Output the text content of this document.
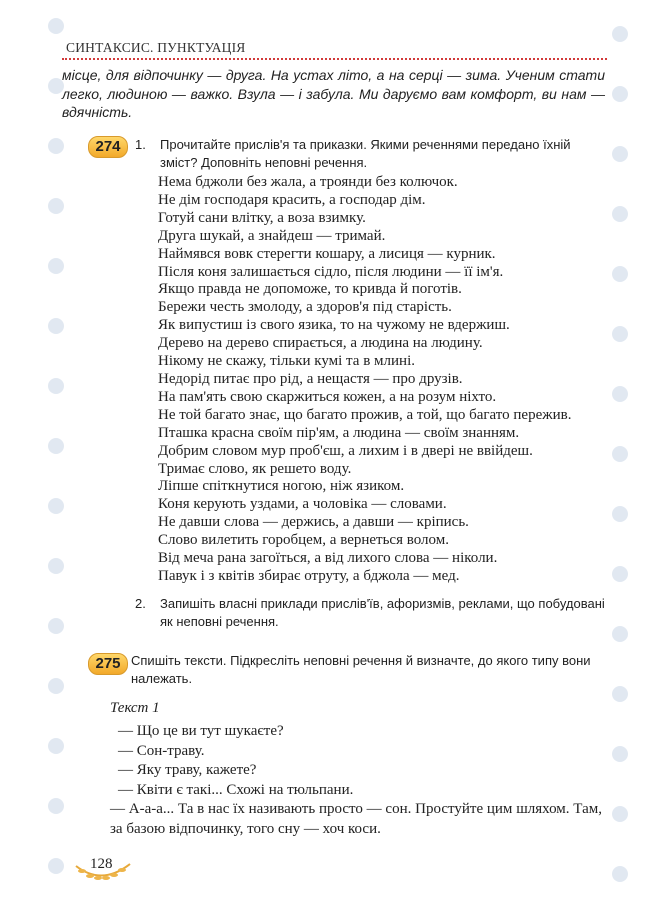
СИНТАКСИС. ПУНКТУАЦІЯ
місце, для відпочинку — друга. На устах літо, а на серці — зима. Ученим стати легко, людиною — важко. Взула — і забула. Ми даруємо вам комфорт, ви нам — вдячність.
274	1. Прочитайте прислів'я та приказки. Якими реченнями передано їхній зміст? Доповніть неповні речення.
Нема бджоли без жала, а троянди без колючок.
Не дім господаря красить, а господар дім.
Готуй сани влітку, а воза взимку.
Друга шукай, а знайдеш — тримай.
Наймявся вовк стерегти кошару, а лисиця — курник.
Після коня залишається сідло, після людини — її ім'я.
Якщо правда не допоможе, то кривда й поготів.
Бережи честь змолоду, а здоров'я під старість.
Як випустиш із свого язика, то на чужому не вдержиш.
Дерево на дерево спирається, а людина на людину.
Нікому не скажу, тільки кумі та в млині.
Недорід питає про рід, а нещастя — про друзів.
На пам'ять свою скаржиться кожен, а на розум ніхто.
Не той багато знає, що багато прожив, а той, що багато пережив.
Пташка красна своїм пір'ям, а людина — своїм знанням.
Добрим словом мур проб'єш, а лихим і в двері не ввійдеш.
Тримає слово, як решето воду.
Ліпше спіткнутися ногою, ніж язиком.
Коня керують уздами, а чоловіка — словами.
Не давши слова — держись, а давши — кріпись.
Слово вилетить горобцем, а вернеться волом.
Від меча рана загоїться, а від лихого слова — ніколи.
Павук і з квітів збирає отруту, а бджола — мед.
2. Запишіть власні приклади прислів'їв, афоризмів, реклами, що побудовані як неповні речення.
275 Спишіть тексти. Підкресліть неповні речення й визначте, до якого типу вони належать.
Текст 1
— Що це ви тут шукаєте?
— Сон-траву.
— Яку траву, кажете?
— Квіти є такі... Схожі на тюльпани.
— А-а-а... Та в нас їх називають просто — сон. Простуйте цим шляхом. Там, за базою відпочинку, того сну — хоч коси.
128
